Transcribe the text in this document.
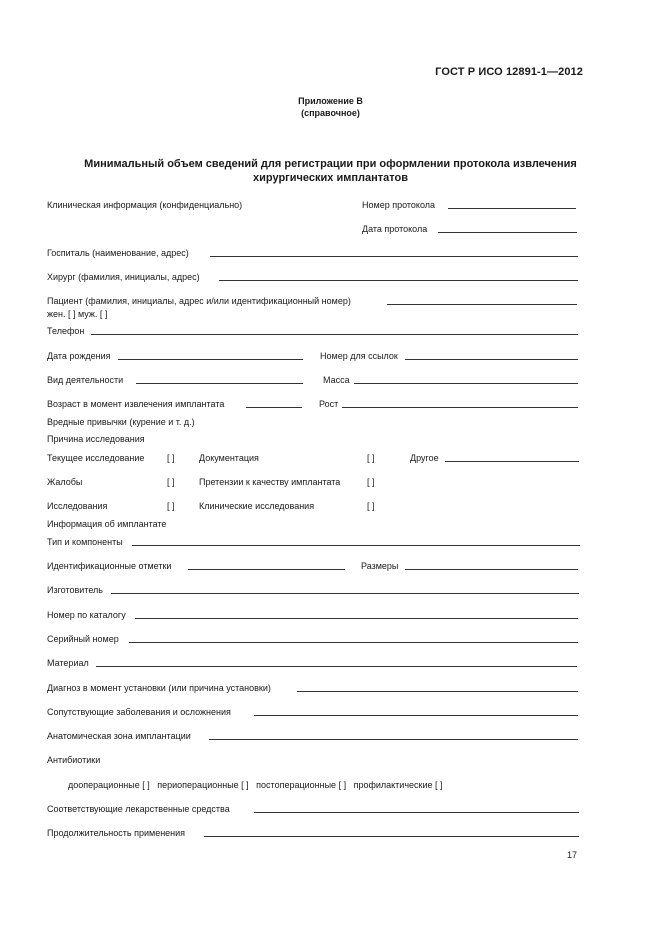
ГОСТ Р ИСО 12891-1—2012
Приложение В
(справочное)
Минимальный объем сведений для регистрации при оформлении протокола извлечения
хирургических имплантатов
Клиническая информация (конфиденциально)	Номер протокола
Дата протокола
Госпиталь (наименование, адрес)
Хирург (фамилия, инициалы, адрес)
Пациент (фамилия, инициалы, адрес и/или идентификационный номер)
жен. [ ] муж. [ ]
Телефон
Дата рождения	Номер для ссылок
Вид деятельности	Масса
Возраст в момент извлечения имплантата	Рост
Вредные привычки (курение и т. д.)
Причина исследования
Текущее исследование	[ ]	Документация	[ ]	Другое
Жалобы	[ ]	Претензии к качеству имплантата	[ ]
Исследования	[ ]	Клинические исследования	[ ]
Информация об имплантате
Тип и компоненты
Идентификационные отметки	Размеры
Изготовитель
Номер по каталогу
Серийный номер
Материал
Диагноз в момент установки (или причина установки)
Сопутствующие заболевания и осложнения
Анатомическая зона имплантации
Антибиотики
дооперационные [ ]   периоперационные [ ]   постоперационные [ ]   профилактические [ ]
Соответствующие лекарственные средства
Продолжительность применения
17
